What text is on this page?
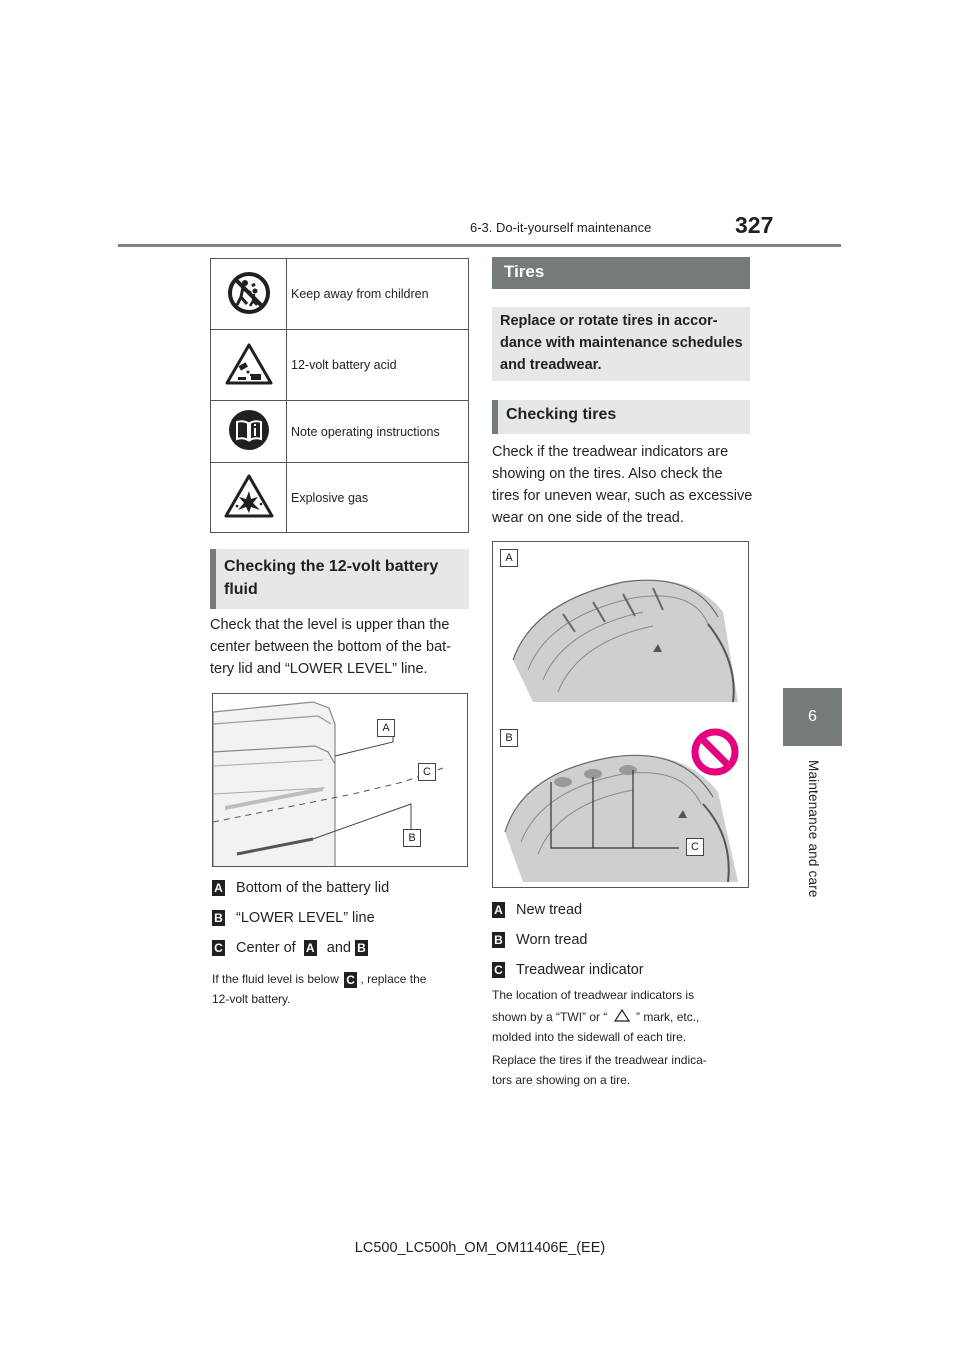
6-3. Do-it-yourself maintenance	327
6
Maintenance and care
	Keep away from children
	12-volt battery acid
	Note operating instructions
	Explosive gas
Checking the 12-volt battery
fluid
Check that the level is upper than the
center between the bottom of the bat-
tery lid and “LOWER LEVEL” line.
A
C
B
A Bottom of the battery lid
B “LOWER LEVEL” line
C Center of A and B
If the fluid level is below C , replace the
12-volt battery.
Tires
Replace or rotate tires in accor-
dance with maintenance schedules
and treadwear.
Checking tires
Check if the treadwear indicators are
showing on the tires. Also check the
tires for uneven wear, such as excessive
wear on one side of the tread.
A
B
C
A New tread
B Worn tread
C Treadwear indicator
The location of treadwear indicators is
shown by a “TWI” or “ ” mark, etc.,
molded into the sidewall of each tire.
Replace the tires if the treadwear indica-
tors are showing on a tire.
LC500_LC500h_OM_OM11406E_(EE)
